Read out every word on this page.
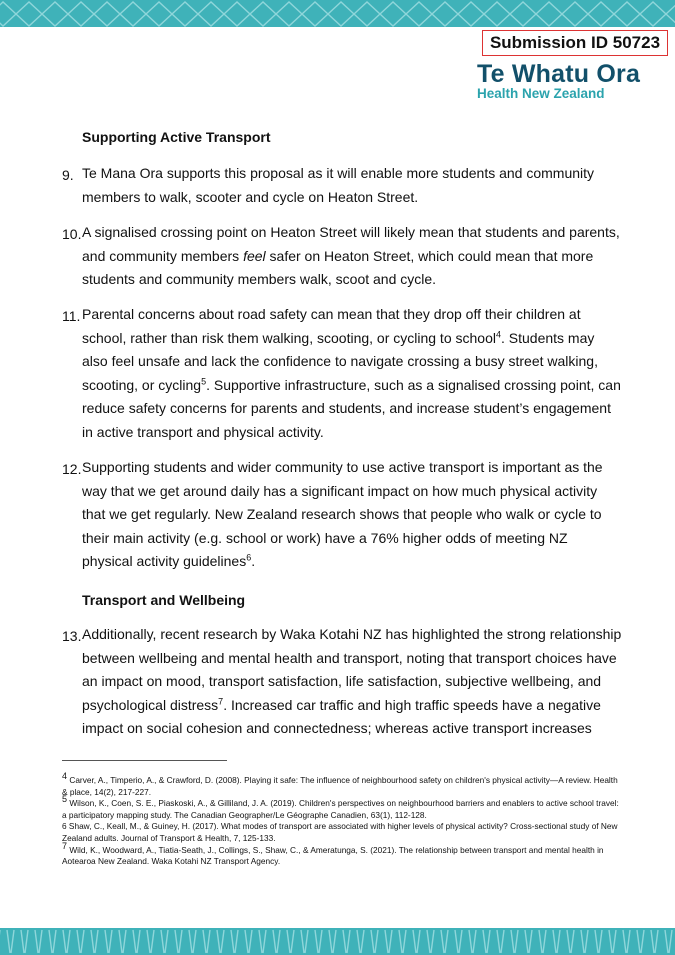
Submission ID 50723
Te Whatu Ora
Health New Zealand
Supporting Active Transport
9. Te Mana Ora supports this proposal as it will enable more students and community members to walk, scooter and cycle on Heaton Street.

10. A signalised crossing point on Heaton Street will likely mean that students and parents, and community members feel safer on Heaton Street, which could mean that more students and community members walk, scoot and cycle.

11. Parental concerns about road safety can mean that they drop off their children at school, rather than risk them walking, scooting, or cycling to school$^4$. Students may also feel unsafe and lack the confidence to navigate crossing a busy street walking, scooting, or cycling$^5$. Supportive infrastructure, such as a signalised crossing point, can reduce safety concerns for parents and students, and increase student’s engagement in active transport and physical activity.

12. Supporting students and wider community to use active transport is important as the way that we get around daily has a significant impact on how much physical activity that we get regularly. New Zealand research shows that people who walk or cycle to their main activity (e.g. school or work) have a 76% higher odds of meeting NZ physical activity guidelines$^6$.

Transport and Wellbeing
13. Additionally, recent research by Waka Kotahi NZ has highlighted the strong relationship between wellbeing and mental health and transport, noting that transport choices have an impact on mood, transport satisfaction, life satisfaction, subjective wellbeing, and psychological distress$^7$. Increased car traffic and high traffic speeds have a negative impact on social cohesion and connectedness; whereas active transport increases

$^4$ Carver, A., Timperio, A., & Crawford, D. (2008). Playing it safe: The influence of neighbourhood safety on children's physical activity—A review. Health & place, 14(2), 217-227.
$^5$ Wilson, K., Coen, S. E., Piaskoski, A., & Gilliland, J. A. (2019). Children's perspectives on neighbourhood barriers and enablers to active school travel: a participatory mapping study. The Canadian Geographer/Le Géographe Canadien, 63(1), 112-128.
6 Shaw, C., Keall, M., & Guiney, H. (2017). What modes of transport are associated with higher levels of physical activity? Cross-sectional study of New Zealand adults. Journal of Transport & Health, 7, 125-133.
$^7$ Wild, K., Woodward, A., Tiatia-Seath, J., Collings, S., Shaw, C., & Ameratunga, S. (2021). The relationship between transport and mental health in Aotearoa New Zealand. Waka Kotahi NZ Transport Agency.
